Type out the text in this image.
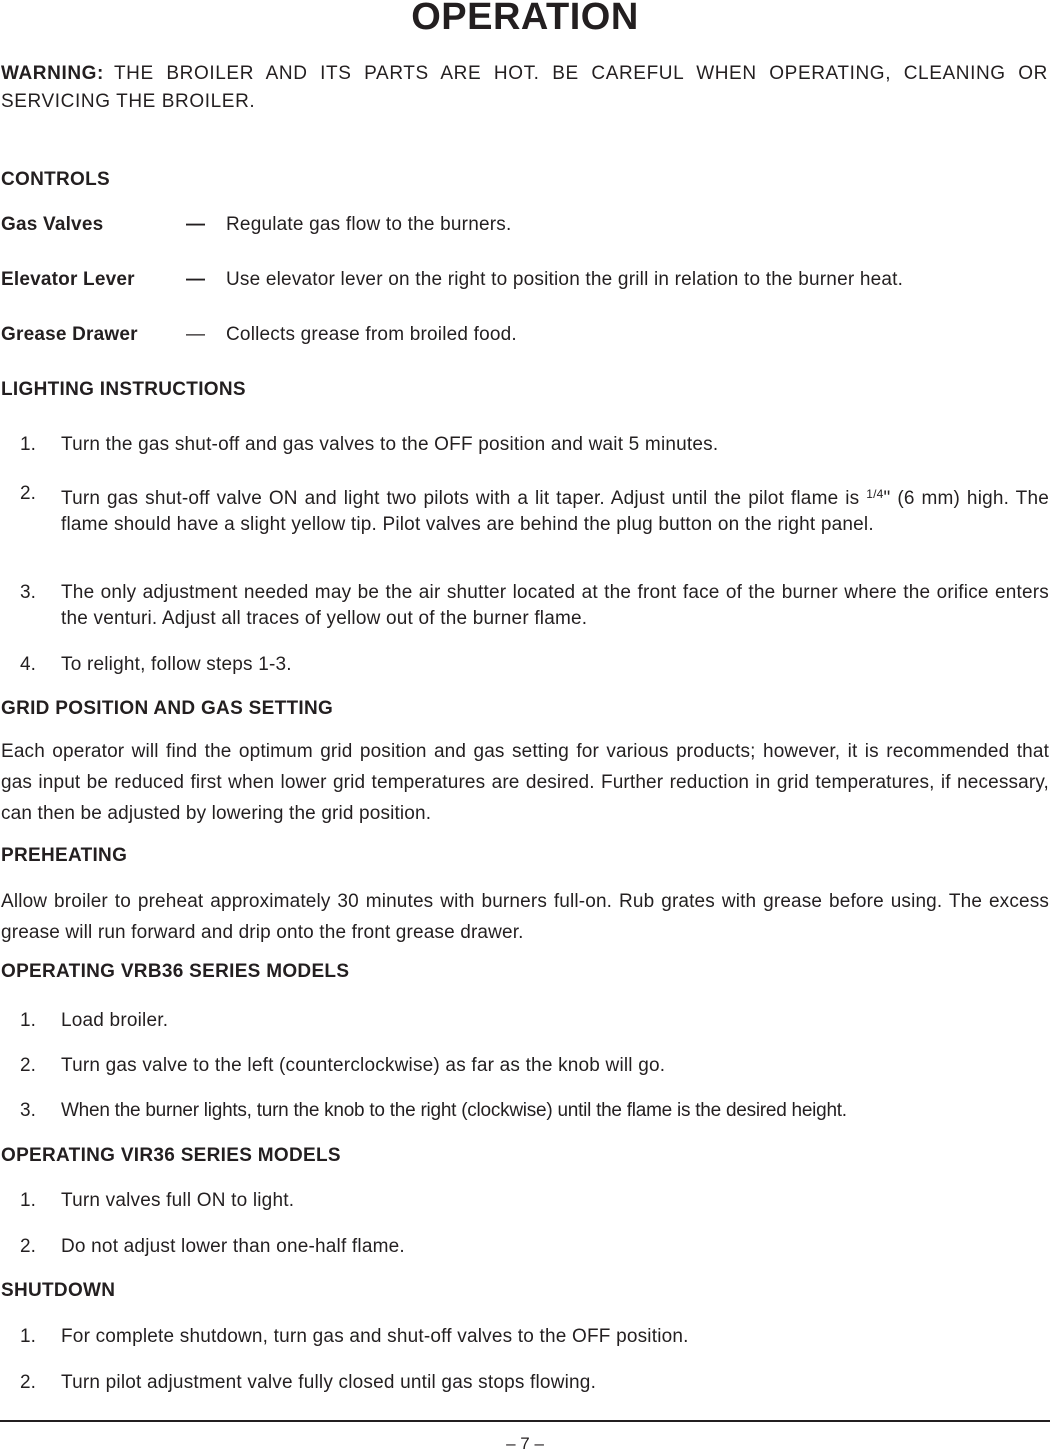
OPERATION
WARNING: THE BROILER AND ITS PARTS ARE HOT. BE CAREFUL WHEN OPERATING, CLEANING OR SERVICING THE BROILER.
CONTROLS
Gas Valves	— Regulate gas flow to the burners.
Elevator Lever	— Use elevator lever on the right to position the grill in relation to the burner heat.
Grease Drawer	— Collects grease from broiled food.
LIGHTING INSTRUCTIONS
1. Turn the gas shut-off and gas valves to the OFF position and wait 5 minutes.
2. Turn gas shut-off valve ON and light two pilots with a lit taper. Adjust until the pilot flame is $^{1/4}$" (6 mm) high. The flame should have a slight yellow tip. Pilot valves are behind the plug button on the right panel.
3. The only adjustment needed may be the air shutter located at the front face of the burner where the orifice enters the venturi. Adjust all traces of yellow out of the burner flame.
4. To relight, follow steps 1-3.
GRID POSITION AND GAS SETTING
Each operator will find the optimum grid position and gas setting for various products; however, it is recommended that gas input be reduced first when lower grid temperatures are desired. Further reduction in grid temperatures, if necessary, can then be adjusted by lowering the grid position.
PREHEATING
Allow broiler to preheat approximately 30 minutes with burners full-on. Rub grates with grease before using. The excess grease will run forward and drip onto the front grease drawer.
OPERATING VRB36 SERIES MODELS
1. Load broiler.
2. Turn gas valve to the left (counterclockwise) as far as the knob will go.
3. When the burner lights, turn the knob to the right (clockwise) until the flame is the desired height.
OPERATING VIR36 SERIES MODELS
1. Turn valves full ON to light.
2. Do not adjust lower than one-half flame.
SHUTDOWN
1. For complete shutdown, turn gas and shut-off valves to the OFF position.
2. Turn pilot adjustment valve fully closed until gas stops flowing.
– 7 –
